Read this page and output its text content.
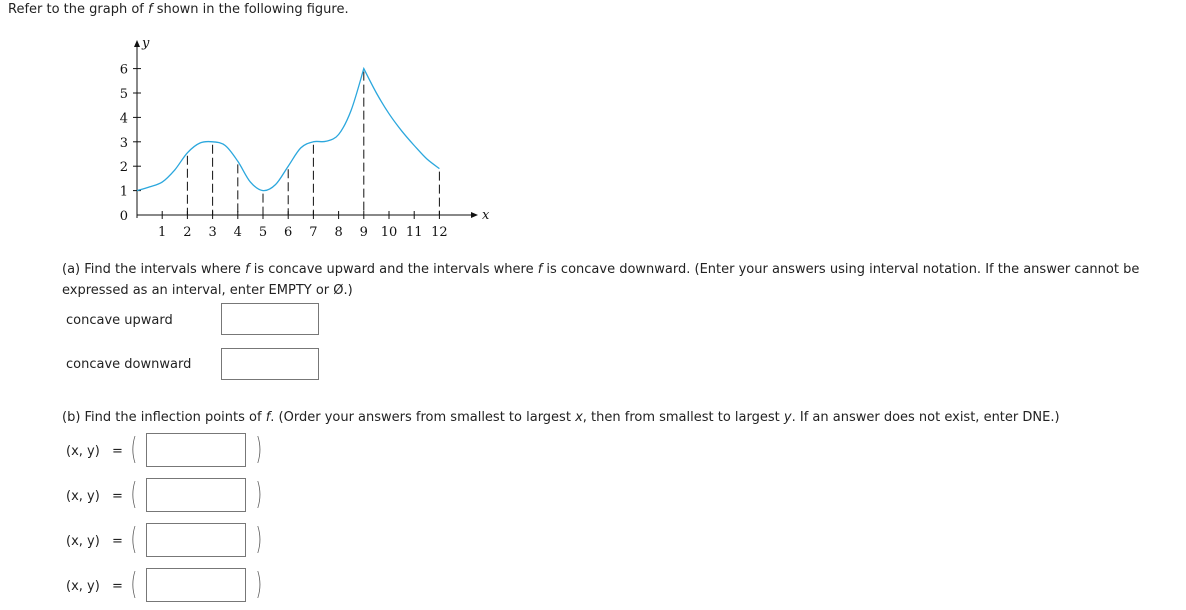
Refer to the graph of f shown in the following figure.
y
x
1 2 3 4 5 6 7 8 9 10 11 12
0
1
2
3
4
5
6
(a) Find the intervals where f is concave upward and the intervals where f is concave downward. (Enter your answers using interval notation. If the answer cannot be expressed as an interval, enter EMPTY or Ø.)
concave upward
concave downward
(b) Find the inflection points of f. (Order your answers from smallest to largest x, then from smallest to largest y. If an answer does not exist, enter DNE.)
(x, y) = (	)
(x, y) = (	)
(x, y) = (	)
(x, y) = (	)
